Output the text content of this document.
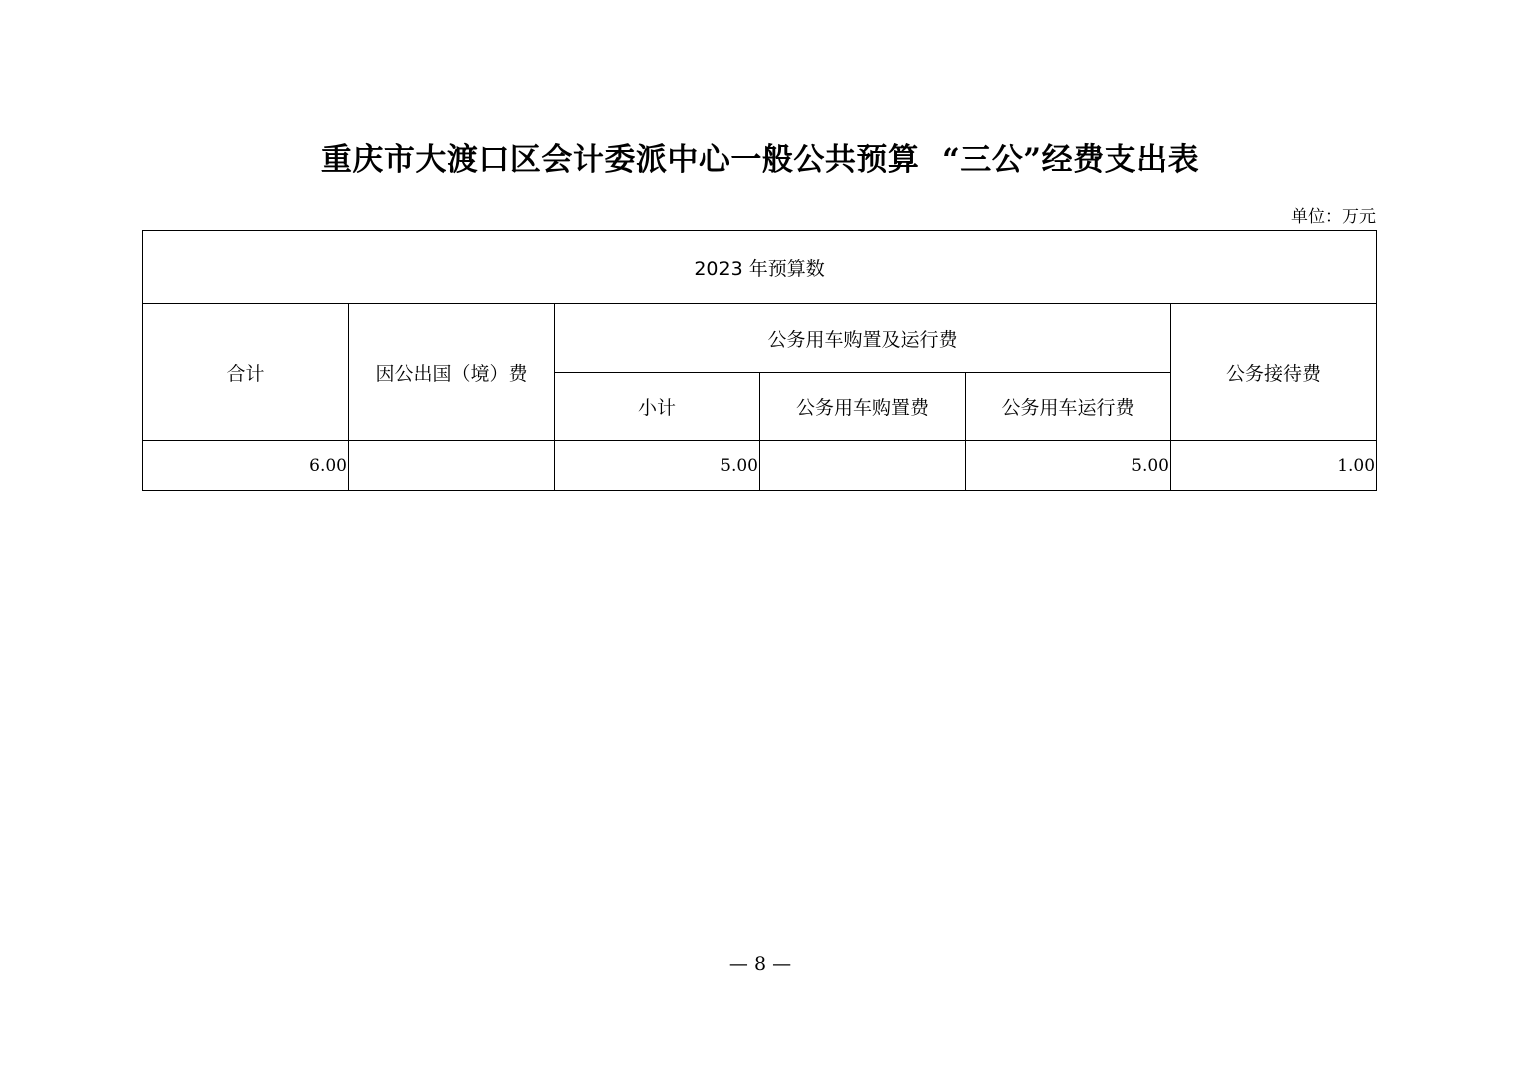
重庆市大渡口区会计委派中心一般公共预算  “三公”经费支出表
单位：万元
2023 年预算数					
合计	因公出国（境）费	公务用车购置及运行费			公务接待费
		小计	公务用车购置费	公务用车运行费	
6.00		5.00		5.00	1.00
— 8 —
